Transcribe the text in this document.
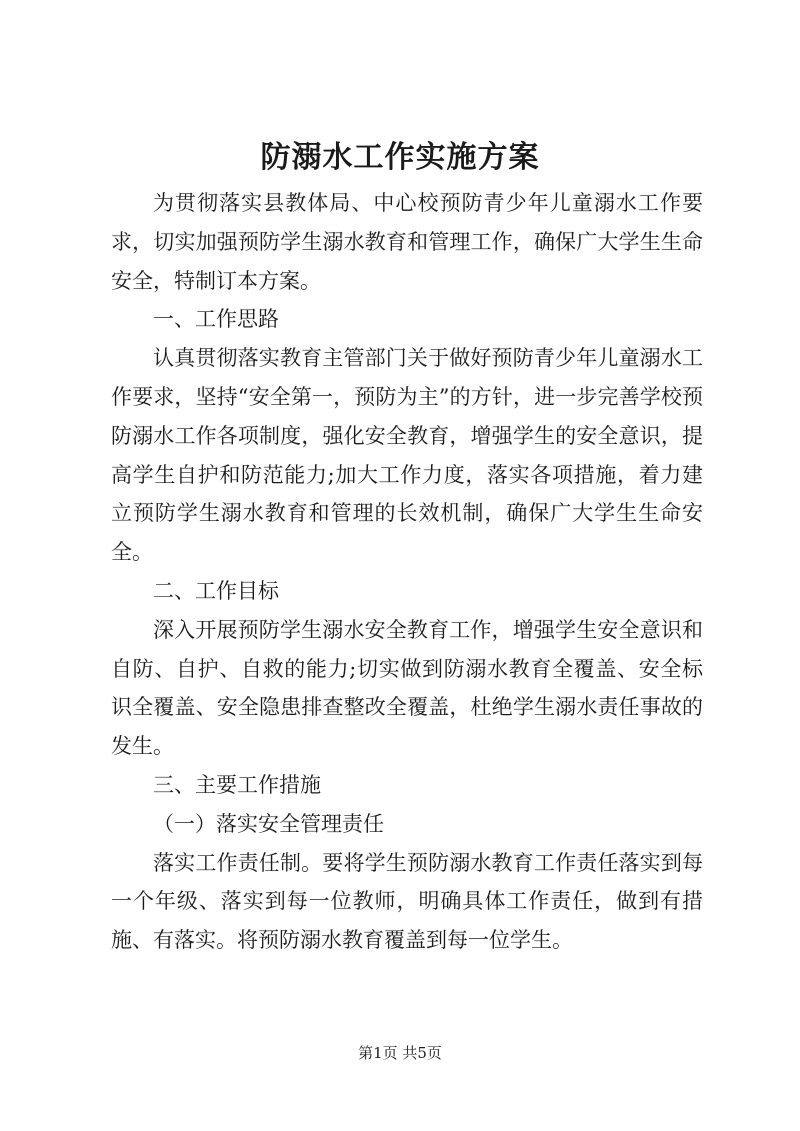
防溺水工作实施方案

为贯彻落实县教体局、中心校预防青少年儿童溺水工作要求，切实加强预防学生溺水教育和管理工作，确保广大学生生命安全，特制订本方案。

一、工作思路

认真贯彻落实教育主管部门关于做好预防青少年儿童溺水工作要求，坚持“安全第一，预防为主”的方针，进一步完善学校预防溺水工作各项制度，强化安全教育，增强学生的安全意识，提高学生自护和防范能力;加大工作力度，落实各项措施，着力建立预防学生溺水教育和管理的长效机制，确保广大学生生命安全。

二、工作目标

深入开展预防学生溺水安全教育工作，增强学生安全意识和自防、自护、自救的能力;切实做到防溺水教育全覆盖、安全标识全覆盖、安全隐患排查整改全覆盖，杜绝学生溺水责任事故的发生。

三、主要工作措施

（一）落实安全管理责任

落实工作责任制。要将学生预防溺水教育工作责任落实到每一个年级、落实到每一位教师，明确具体工作责任，做到有措施、有落实。将预防溺水教育覆盖到每一位学生。

第1页 共5页
